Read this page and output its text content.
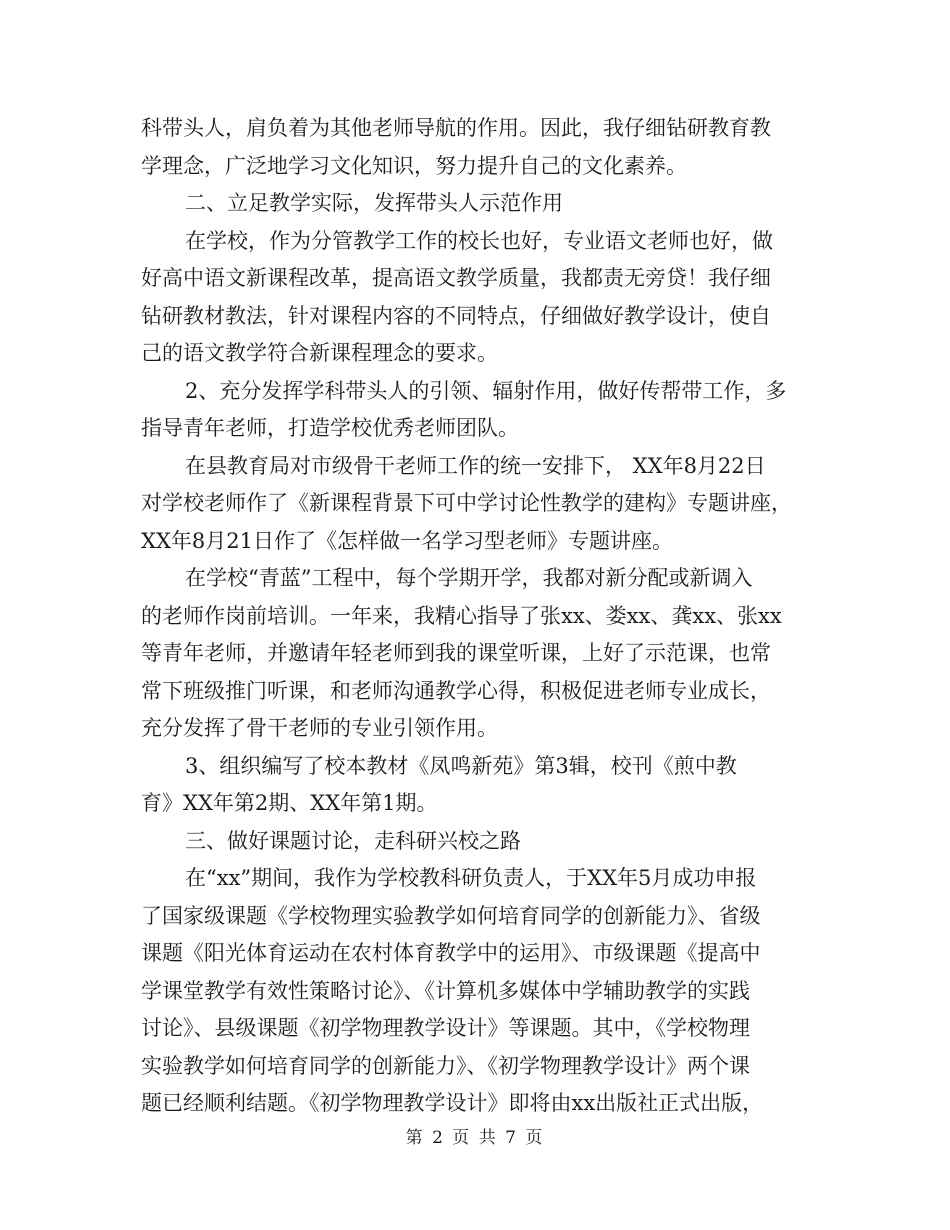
科带头人，肩负着为其他老师导航的作用。因此，我仔细钻研教育教
学理念，广泛地学习文化知识，努力提升自己的文化素养。
二、立足教学实际，发挥带头人示范作用
在学校，作为分管教学工作的校长也好，专业语文老师也好，做
好高中语文新课程改革，提高语文教学质量，我都责无旁贷！我仔细
钻研教材教法，针对课程内容的不同特点，仔细做好教学设计，使自
己的语文教学符合新课程理念的要求。
2、充分发挥学科带头人的引领、辐射作用，做好传帮带工作，多
指导青年老师，打造学校优秀老师团队。
在县教育局对市级骨干老师工作的统一安排下， XX年8月22日
对学校老师作了《新课程背景下可中学讨论性教学的建构》专题讲座，
XX年8月21日作了《怎样做一名学习型老师》专题讲座。
在学校“青蓝”工程中，每个学期开学，我都对新分配或新调入
的老师作岗前培训。一年来，我精心指导了张xx、娄xx、龚xx、张xx
等青年老师，并邀请年轻老师到我的课堂听课，上好了示范课，也常
常下班级推门听课，和老师沟通教学心得，积极促进老师专业成长，
充分发挥了骨干老师的专业引领作用。
3、组织编写了校本教材《凤鸣新苑》第3辑，校刊《煎中教
育》XX年第2期、XX年第1期。
三、做好课题讨论，走科研兴校之路
在“xx”期间，我作为学校教科研负责人，于XX年5月成功申报
了国家级课题《学校物理实验教学如何培育同学的创新能力》、省级
课题《阳光体育运动在农村体育教学中的运用》、市级课题《提高中
学课堂教学有效性策略讨论》、《计算机多媒体中学辅助教学的实践
讨论》、县级课题《初学物理教学设计》等课题。其中，《学校物理
实验教学如何培育同学的创新能力》、《初学物理教学设计》两个课
题已经顺利结题。《初学物理教学设计》即将由xx出版社正式出版，
第 2 页 共 7 页
